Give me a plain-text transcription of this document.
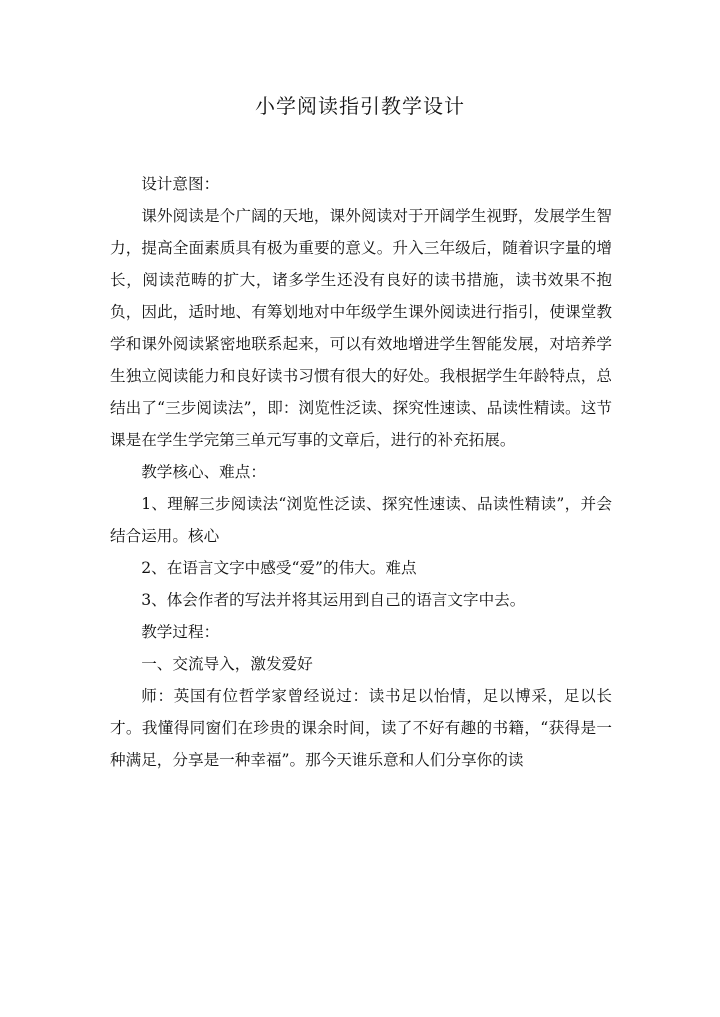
小学阅读指引教学设计

设计意图：

课外阅读是个广阔的天地，课外阅读对于开阔学生视野，发展学生智力，提高全面素质具有极为重要的意义。升入三年级后，随着识字量的增长，阅读范畴的扩大，诸多学生还没有良好的读书措施，读书效果不抱负，因此，适时地、有筹划地对中年级学生课外阅读进行指引，使课堂教学和课外阅读紧密地联系起来，可以有效地增进学生智能发展，对培养学生独立阅读能力和良好读书习惯有很大的好处。我根据学生年龄特点，总结出了“三步阅读法”，即：浏览性泛读、探究性速读、品读性精读。这节课是在学生学完第三单元写事的文章后，进行的补充拓展。

教学核心、难点：

1、理解三步阅读法“浏览性泛读、探究性速读、品读性精读”，并会结合运用。核心

2、在语言文字中感受“爱”的伟大。难点

3、体会作者的写法并将其运用到自己的语言文字中去。

教学过程：

一、交流导入，激发爱好

师：英国有位哲学家曾经说过：读书足以怡情，足以博采，足以长才。我懂得同窗们在珍贵的课余时间，读了不好有趣的书籍，“获得是一种满足，分享是一种幸福”。那今天谁乐意和人们分享你的读
